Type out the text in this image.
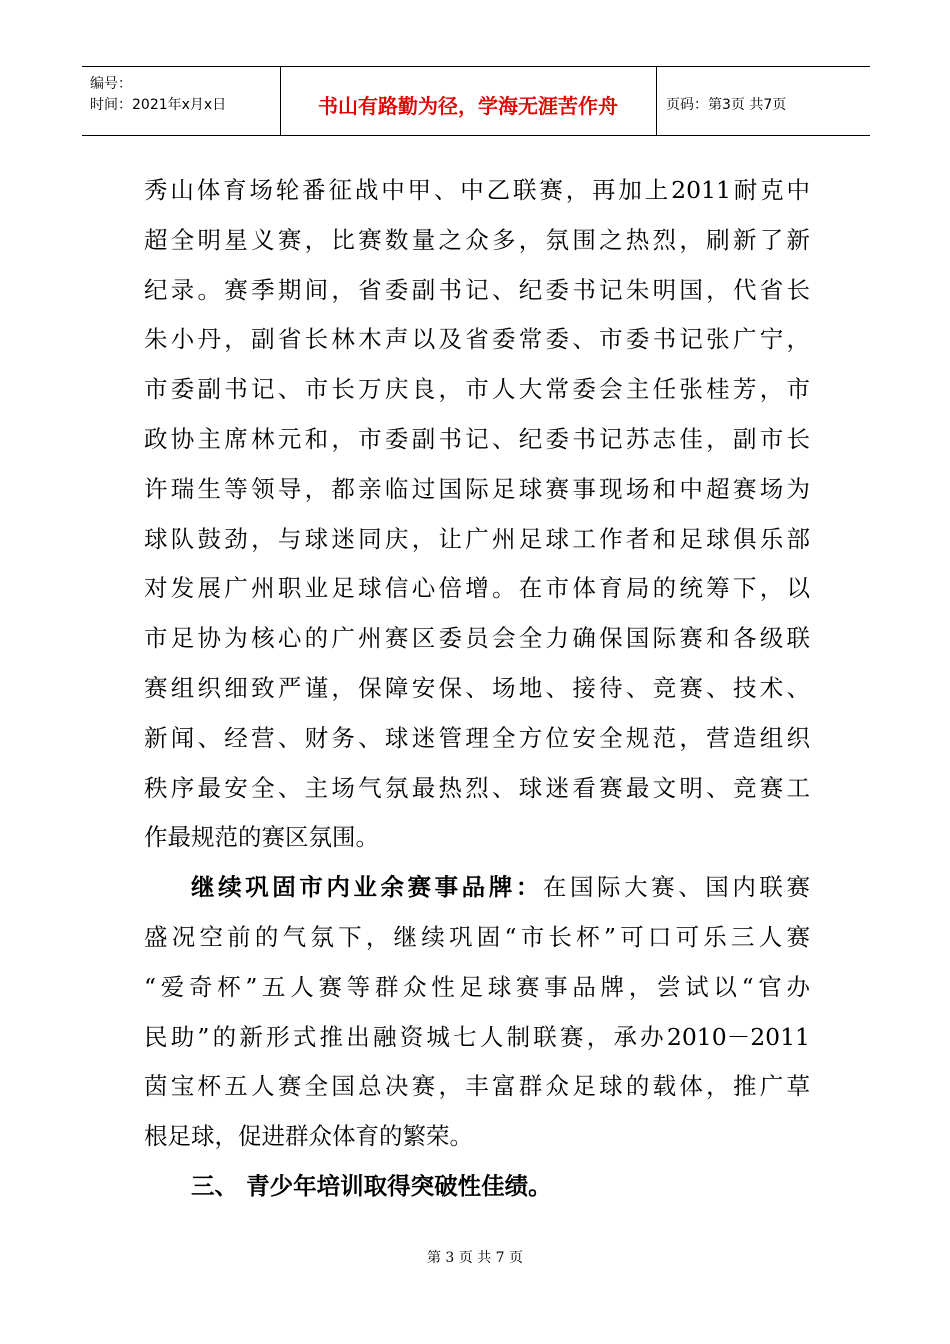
编号：
时间：2021年x月x日	书山有路勤为径，学海无涯苦作舟	页码：第3页 共7页
秀山体育场轮番征战中甲、中乙联赛，再加上2011耐克中
超全明星义赛，比赛数量之众多，氛围之热烈，刷新了新
纪录。赛季期间，省委副书记、纪委书记朱明国，代省长
朱小丹，副省长林木声以及省委常委、市委书记张广宁，
市委副书记、市长万庆良，市人大常委会主任张桂芳，市
政协主席林元和，市委副书记、纪委书记苏志佳，副市长
许瑞生等领导，都亲临过国际足球赛事现场和中超赛场为
球队鼓劲，与球迷同庆，让广州足球工作者和足球俱乐部
对发展广州职业足球信心倍增。在市体育局的统筹下，以
市足协为核心的广州赛区委员会全力确保国际赛和各级联
赛组织细致严谨，保障安保、场地、接待、竞赛、技术、
新闻、经营、财务、球迷管理全方位安全规范，营造组织
秩序最安全、主场气氛最热烈、球迷看赛最文明、竞赛工
作最规范的赛区氛围。
继续巩固市内业余赛事品牌：在国际大赛、国内联赛
盛况空前的气氛下，继续巩固“市长杯”可口可乐三人赛
“爱奇杯”五人赛等群众性足球赛事品牌，尝试以“官办
民助”的新形式推出融资城七人制联赛，承办2010－2011
茵宝杯五人赛全国总决赛，丰富群众足球的载体，推广草
根足球，促进群众体育的繁荣。
三、 青少年培训取得突破性佳绩。
第 3 页 共 7 页
